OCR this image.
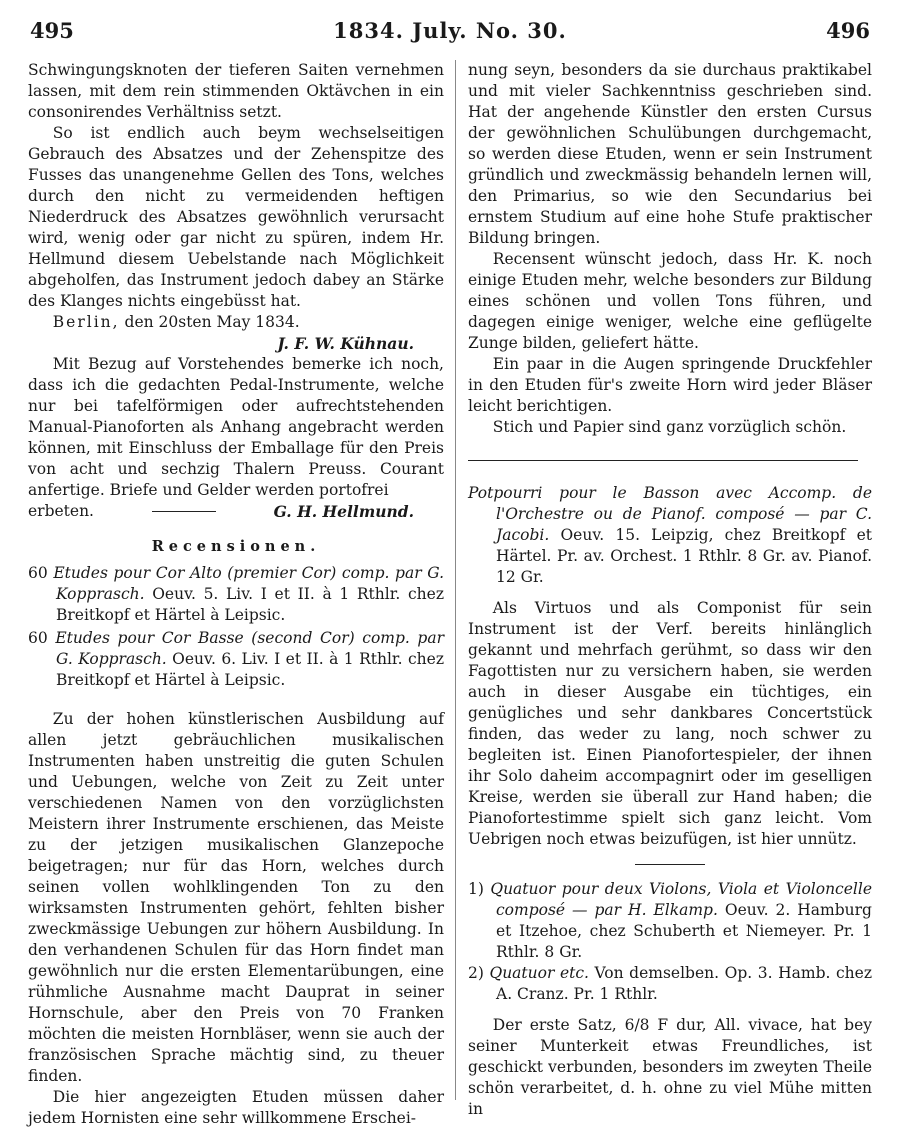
495	1834. July. No. 30.	496

Schwingungsknoten der tieferen Saiten vernehmen lassen, mit dem rein stimmenden Oktävchen in ein consonirendes Verhältniss setzt.

So ist endlich auch beym wechselseitigen Gebrauch des Absatzes und der Zehenspitze des Fusses das unangenehme Gellen des Tons, welches durch den nicht zu vermeidenden heftigen Niederdruck des Absatzes gewöhnlich verursacht wird, wenig oder gar nicht zu spüren, indem Hr. Hellmund diesem Uebelstande nach Möglichkeit abgeholfen, das Instrument jedoch dabey an Stärke des Klanges nichts eingebüsst hat.

Berlin, den 20sten May 1834.

J. F. W. Kühnau.

Mit Bezug auf Vorstehendes bemerke ich noch, dass ich die gedachten Pedal-Instrumente, welche nur bei tafelförmigen oder aufrechtstehenden Manual-Pianoforten als Anhang angebracht werden können, mit Einschluss der Emballage für den Preis von acht und sechzig Thalern Preuss. Courant anfertige. Briefe und Gelder werden portofrei

erbeten.	G. H. Hellmund.

Recensionen.

60 Etudes pour Cor Alto (premier Cor) comp. par G. Kopprasch. Oeuv. 5. Liv. I et II. à 1 Rthlr. chez Breitkopf et Härtel à Leipsic.

60 Etudes pour Cor Basse (second Cor) comp. par G. Kopprasch. Oeuv. 6. Liv. I et II. à 1 Rthlr. chez Breitkopf et Härtel à Leipsic.

Zu der hohen künstlerischen Ausbildung auf allen jetzt gebräuchlichen musikalischen Instrumenten haben unstreitig die guten Schulen und Uebungen, welche von Zeit zu Zeit unter verschiedenen Namen von den vorzüglichsten Meistern ihrer Instrumente erschienen, das Meiste zu der jetzigen musikalischen Glanzepoche beigetragen; nur für das Horn, welches durch seinen vollen wohlklingenden Ton zu den wirksamsten Instrumenten gehört, fehlten bisher zweckmässige Uebungen zur höhern Ausbildung. In den verhandenen Schulen für das Horn findet man gewöhnlich nur die ersten Elementarübungen, eine rühmliche Ausnahme macht Dauprat in seiner Hornschule, aber den Preis von 70 Franken möchten die meisten Hornbläser, wenn sie auch der französischen Sprache mächtig sind, zu theuer finden.

Die hier angezeigten Etuden müssen daher jedem Hornisten eine sehr willkommene Erschei-

nung seyn, besonders da sie durchaus praktikabel und mit vieler Sachkenntniss geschrieben sind. Hat der angehende Künstler den ersten Cursus der gewöhnlichen Schulübungen durchgemacht, so werden diese Etuden, wenn er sein Instrument gründlich und zweckmässig behandeln lernen will, den Primarius, so wie den Secundarius bei ernstem Studium auf eine hohe Stufe praktischer Bildung bringen.

Recensent wünscht jedoch, dass Hr. K. noch einige Etuden mehr, welche besonders zur Bildung eines schönen und vollen Tons führen, und dagegen einige weniger, welche eine geflügelte Zunge bilden, geliefert hätte.

Ein paar in die Augen springende Druckfehler in den Etuden für's zweite Horn wird jeder Bläser leicht berichtigen.

Stich und Papier sind ganz vorzüglich schön.

Potpourri pour le Basson avec Accomp. de l'Orchestre ou de Pianof. composé — par C. Jacobi. Oeuv. 15. Leipzig, chez Breitkopf et Härtel. Pr. av. Orchest. 1 Rthlr. 8 Gr. av. Pianof. 12 Gr.

Als Virtuos und als Componist für sein Instrument ist der Verf. bereits hinlänglich gekannt und mehrfach gerühmt, so dass wir den Fagottisten nur zu versichern haben, sie werden auch in dieser Ausgabe ein tüchtiges, ein genügliches und sehr dankbares Concertstück finden, das weder zu lang, noch schwer zu begleiten ist. Einen Pianofortespieler, der ihnen ihr Solo daheim accompagnirt oder im geselligen Kreise, werden sie überall zur Hand haben; die Pianofortestimme spielt sich ganz leicht. Vom Uebrigen noch etwas beizufügen, ist hier unnütz.

1) Quatuor pour deux Violons, Viola et Violoncelle composé — par H. Elkamp. Oeuv. 2. Hamburg et Itzehoe, chez Schuberth et Niemeyer. Pr. 1 Rthlr. 8 Gr.

2) Quatuor etc. Von demselben. Op. 3. Hamb. chez A. Cranz. Pr. 1 Rthlr.

Der erste Satz, 6/8 F dur, All. vivace, hat bey seiner Munterkeit etwas Freundliches, ist geschickt verbunden, besonders im zweyten Theile schön verarbeitet, d. h. ohne zu viel Mühe mitten in
